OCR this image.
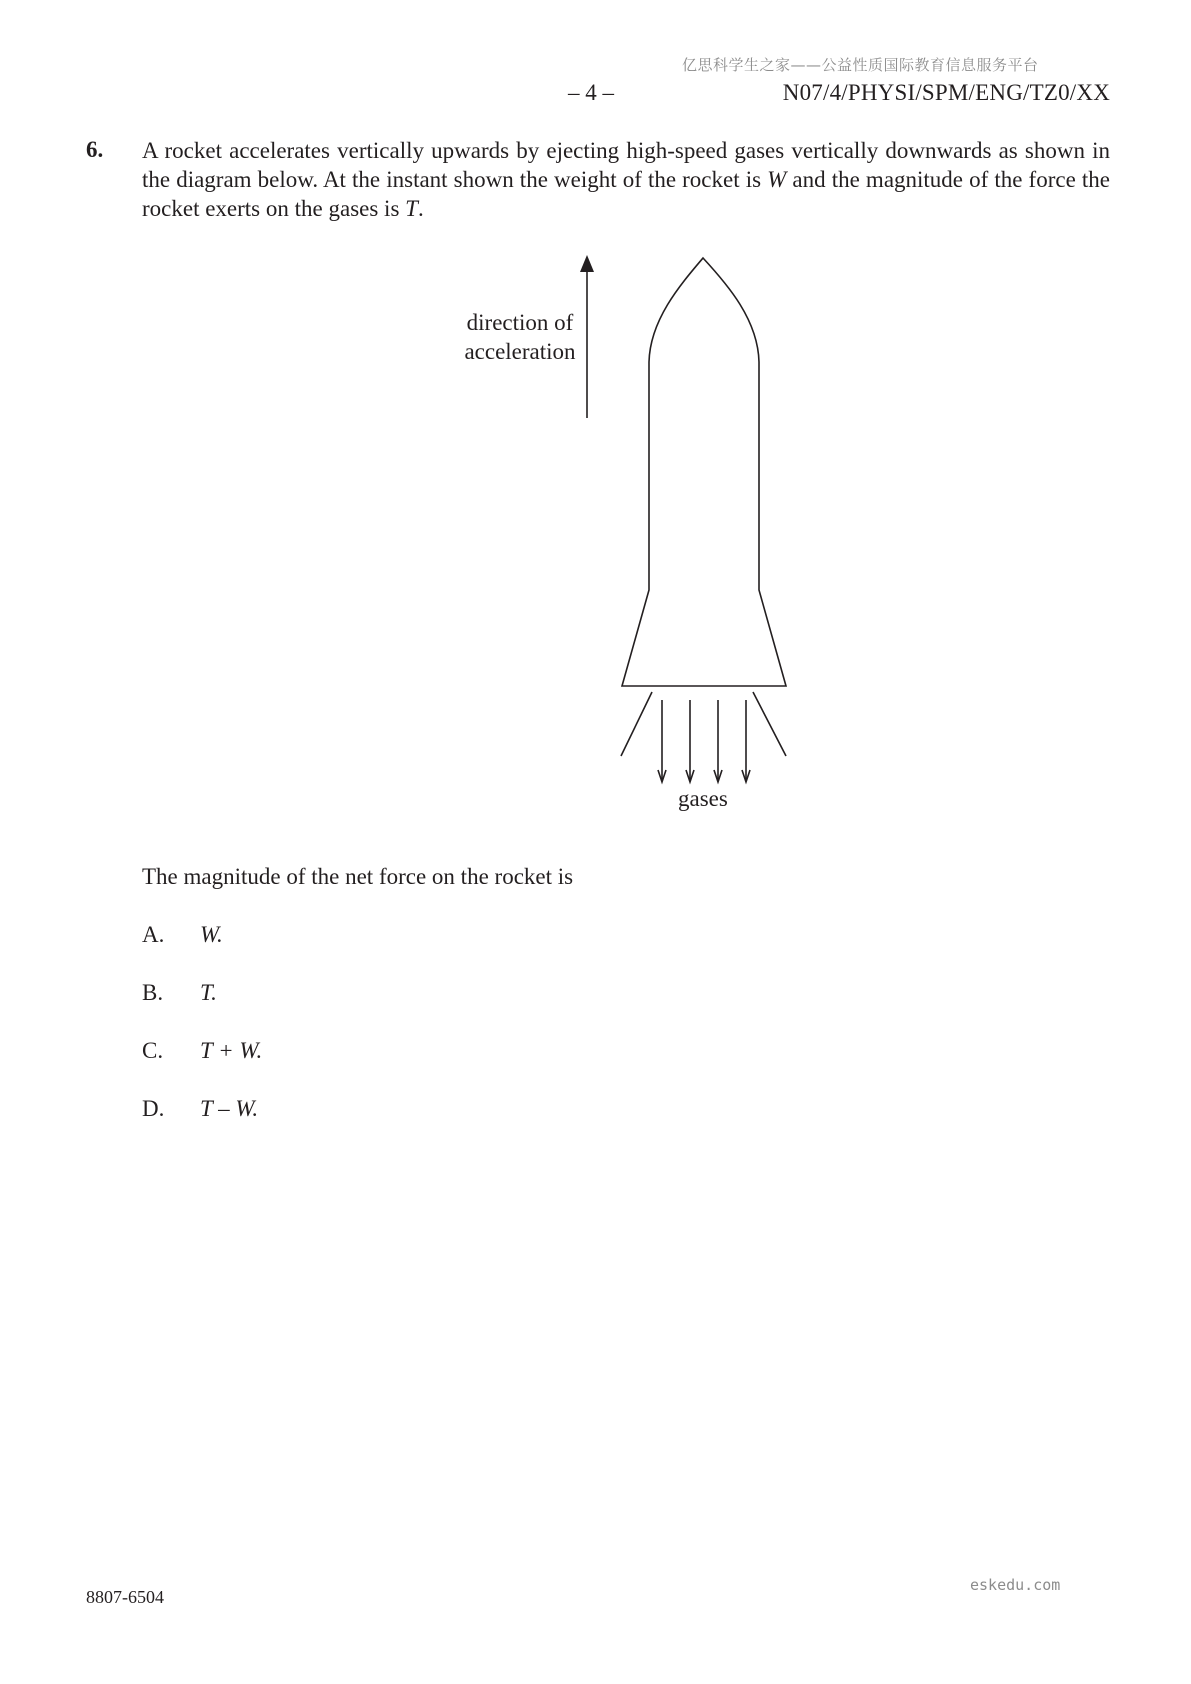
亿思科学生之家——公益性质国际教育信息服务平台
– 4 –	N07/4/PHYSI/SPM/ENG/TZ0/XX
6. A rocket accelerates vertically upwards by ejecting high-speed gases vertically downwards as shown in the diagram below. At the instant shown the weight of the rocket is W and the magnitude of the force the rocket exerts on the gases is T.
direction of
acceleration
gases
The magnitude of the net force on the rocket is
A. W.
B. T.
C. T + W.
D. T – W.
8807-6504
eskedu.com
